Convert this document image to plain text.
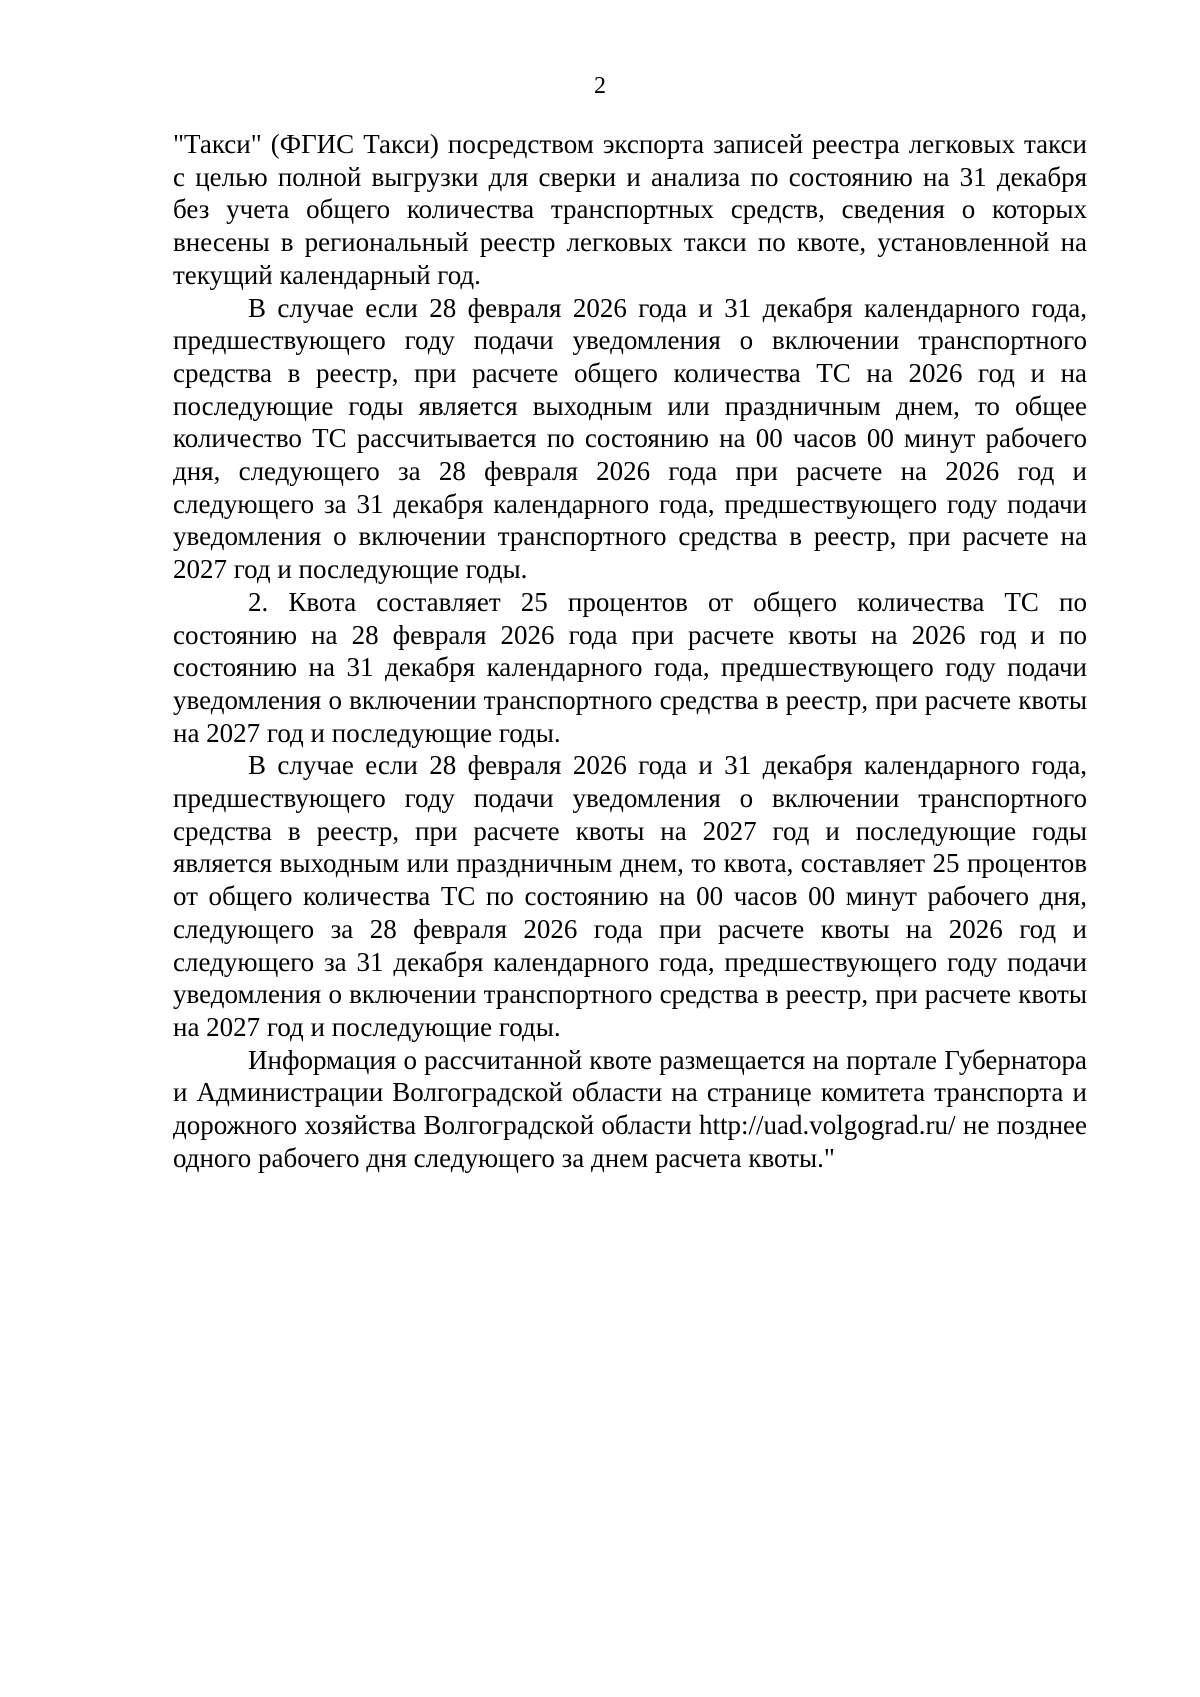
2

"Такси" (ФГИС Такси) посредством экспорта записей реестра легковых такси с целью полной выгрузки для сверки и анализа по состоянию на 31 декабря без учета общего количества транспортных средств, сведения о которых внесены в региональный реестр легковых такси по квоте, установленной на текущий календарный год.

В случае если 28 февраля 2026 года и 31 декабря календарного года, предшествующего году подачи уведомления о включении транспортного средства в реестр, при расчете общего количества ТС на 2026 год и на последующие годы является выходным или праздничным днем, то общее количество ТС рассчитывается по состоянию на 00 часов 00 минут рабочего дня, следующего за 28 февраля 2026 года при расчете на 2026 год и следующего за 31 декабря календарного года, предшествующего году подачи уведомления о включении транспортного средства в реестр, при расчете на 2027 год и последующие годы.

2. Квота составляет 25 процентов от общего количества ТС по состоянию на 28 февраля 2026 года при расчете квоты на 2026 год и по состоянию на 31 декабря календарного года, предшествующего году подачи уведомления о включении транспортного средства в реестр, при расчете квоты на 2027 год и последующие годы.

В случае если 28 февраля 2026 года и 31 декабря календарного года, предшествующего году подачи уведомления о включении транспортного средства в реестр, при расчете квоты на 2027 год и последующие годы является выходным или праздничным днем, то квота, составляет 25 процентов от общего количества ТС по состоянию на 00 часов 00 минут рабочего дня, следующего за 28 февраля 2026 года при расчете квоты на 2026 год и следующего за 31 декабря календарного года, предшествующего году подачи уведомления о включении транспортного средства в реестр, при расчете квоты на 2027 год и последующие годы.

Информация о рассчитанной квоте размещается на портале Губернатора и Администрации Волгоградской области на странице комитета транспорта и дорожного хозяйства Волгоградской области http://uad.volgograd.ru/ не позднее одного рабочего дня следующего за днем расчета квоты."
